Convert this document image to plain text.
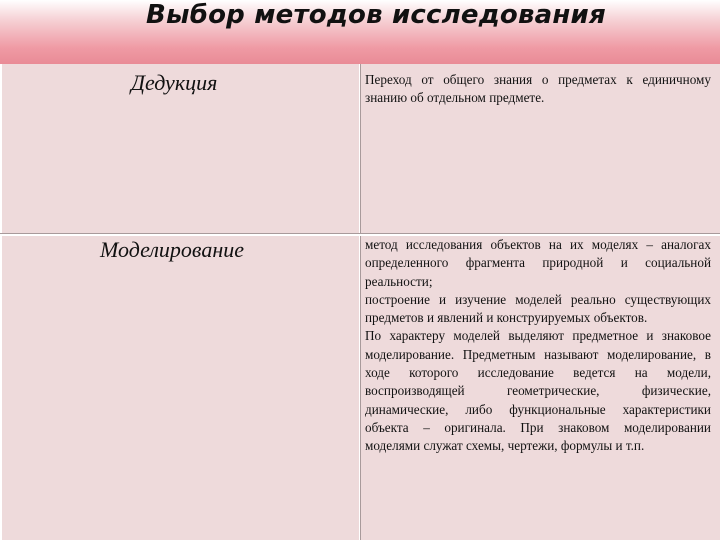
Выбор методов исследования
Дедукция	Переход от общего знания о предметах к единичному знанию об отдельном предмете.

Моделирование	метод исследования объектов на их моделях – аналогах определенного фрагмента природной и социальной реальности;

построение и изучение моделей реально существующих предметов и явлений и конструируемых объектов.

По характеру моделей выделяют предметное и знаковое моделирование. Предметным называют моделирование, в ходе которого исследование ведется на модели, воспроизводящей геометрические, физические, динамические, либо функциональные характеристики объекта – оригинала. При знаковом моделировании моделями служат схемы, чертежи, формулы и т.п.
